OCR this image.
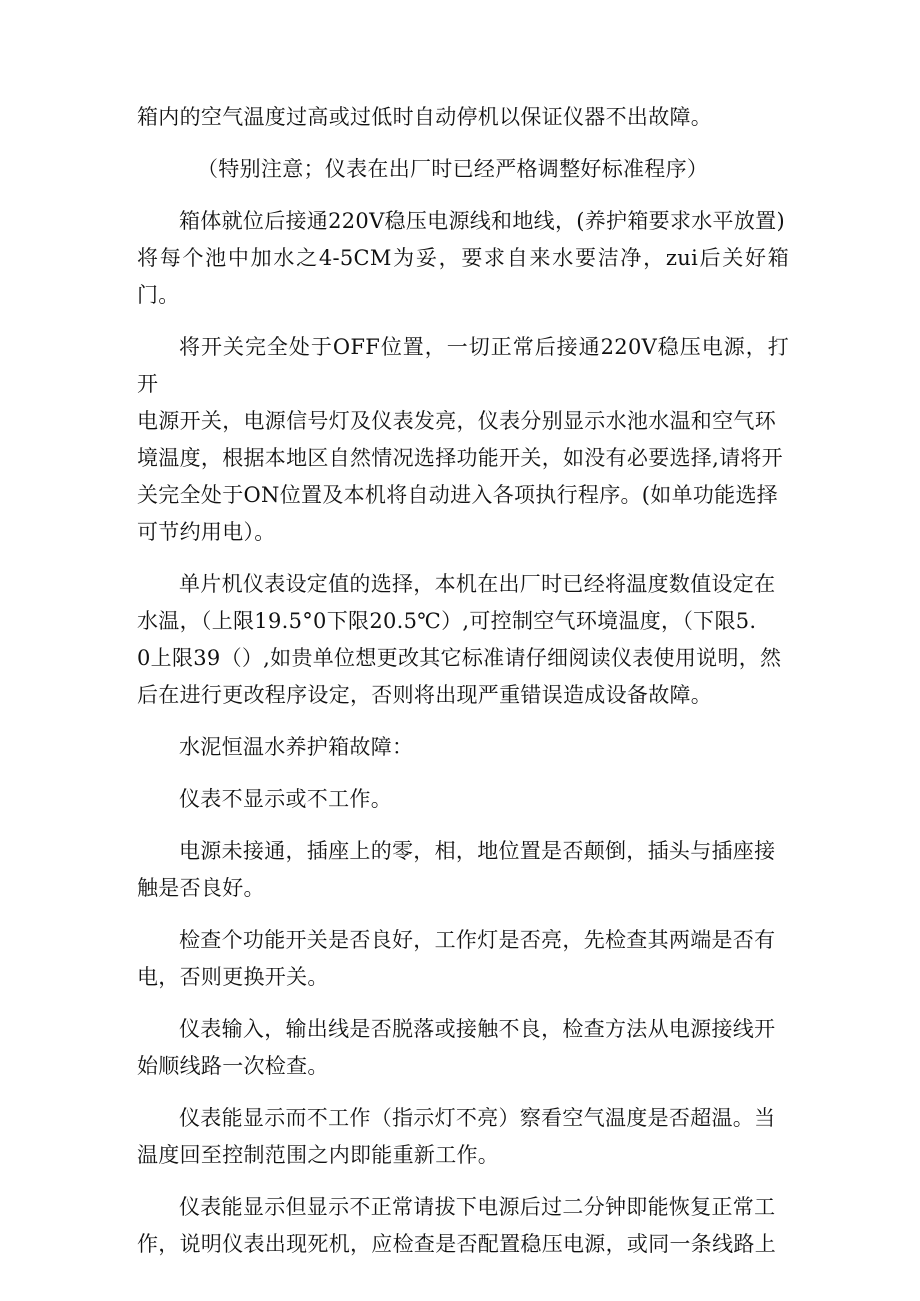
箱内的空气温度过高或过低时自动停机以保证仪器不出故障。

（特别注意；仪表在出厂时已经严格调整好标准程序）

箱体就位后接通220V稳压电源线和地线，(养护箱要求水平放置)
将每个池中加水之4-5CM为妥，要求自来水要洁净，zui后关好箱门。

将开关完全处于OFF位置，一切正常后接通220V稳压电源，打开
电源开关，电源信号灯及仪表发亮，仪表分别显示水池水温和空气环
境温度，根据本地区自然情况选择功能开关，如没有必要选择,请将开
关完全处于ON位置及本机将自动进入各项执行程序。(如单功能选择
可节约用电）。

单片机仪表设定值的选择，本机在出厂时已经将温度数值设定在
水温，（上限19.5°0下限20.5℃）,可控制空气环境温度，（下限5.
0上限39（）,如贵单位想更改其它标准请仔细阅读仪表使用说明，然
后在进行更改程序设定，否则将出现严重错误造成设备故障。

水泥恒温水养护箱故障：

仪表不显示或不工作。

电源未接通，插座上的零，相，地位置是否颠倒，插头与插座接
触是否良好。

检查个功能开关是否良好，工作灯是否亮，先检查其两端是否有
电，否则更换开关。

仪表输入，输出线是否脱落或接触不良，检查方法从电源接线开
始顺线路一次检查。

仪表能显示而不工作（指示灯不亮）察看空气温度是否超温。当
温度回至控制范围之内即能重新工作。

仪表能显示但显示不正常请拔下电源后过二分钟即能恢复正常工
作，说明仪表出现死机，应检查是否配置稳压电源，或同一条线路上
